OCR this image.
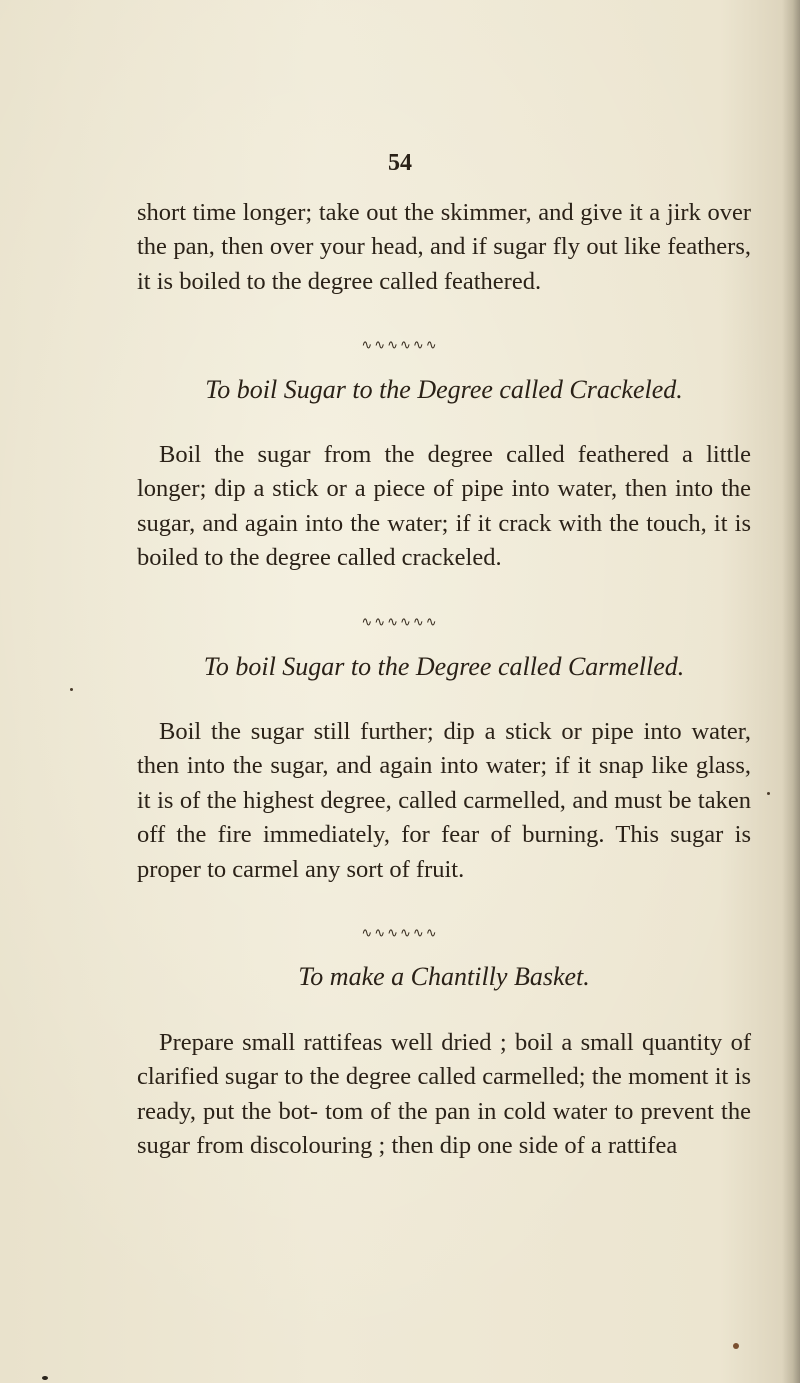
54
short time longer; take out the skimmer, and give it a jirk over the pan, then over your head, and if sugar fly out like feathers, it is boiled to the degree called feathered.
∿∿∿∿∿∿
To boil Sugar to the Degree called Crackeled.
Boil the sugar from the degree called feathered a little longer; dip a stick or a piece of pipe into water, then into the sugar, and again into the water; if it crack with the touch, it is boiled to the degree called crackeled.
∿∿∿∿∿∿
To boil Sugar to the Degree called Carmelled.
Boil the sugar still further; dip a stick or pipe into water, then into the sugar, and again into water; if it snap like glass, it is of the highest degree, called carmelled, and must be taken off the fire immediately, for fear of burning. This sugar is proper to carmel any sort of fruit.
∿∿∿∿∿∿
To make a Chantilly Basket.
Prepare small rattifeas well dried ; boil a small quantity of clarified sugar to the degree called carmelled; the moment it is ready, put the bot- tom of the pan in cold water to prevent the sugar from discolouring ; then dip one side of a rattifea
